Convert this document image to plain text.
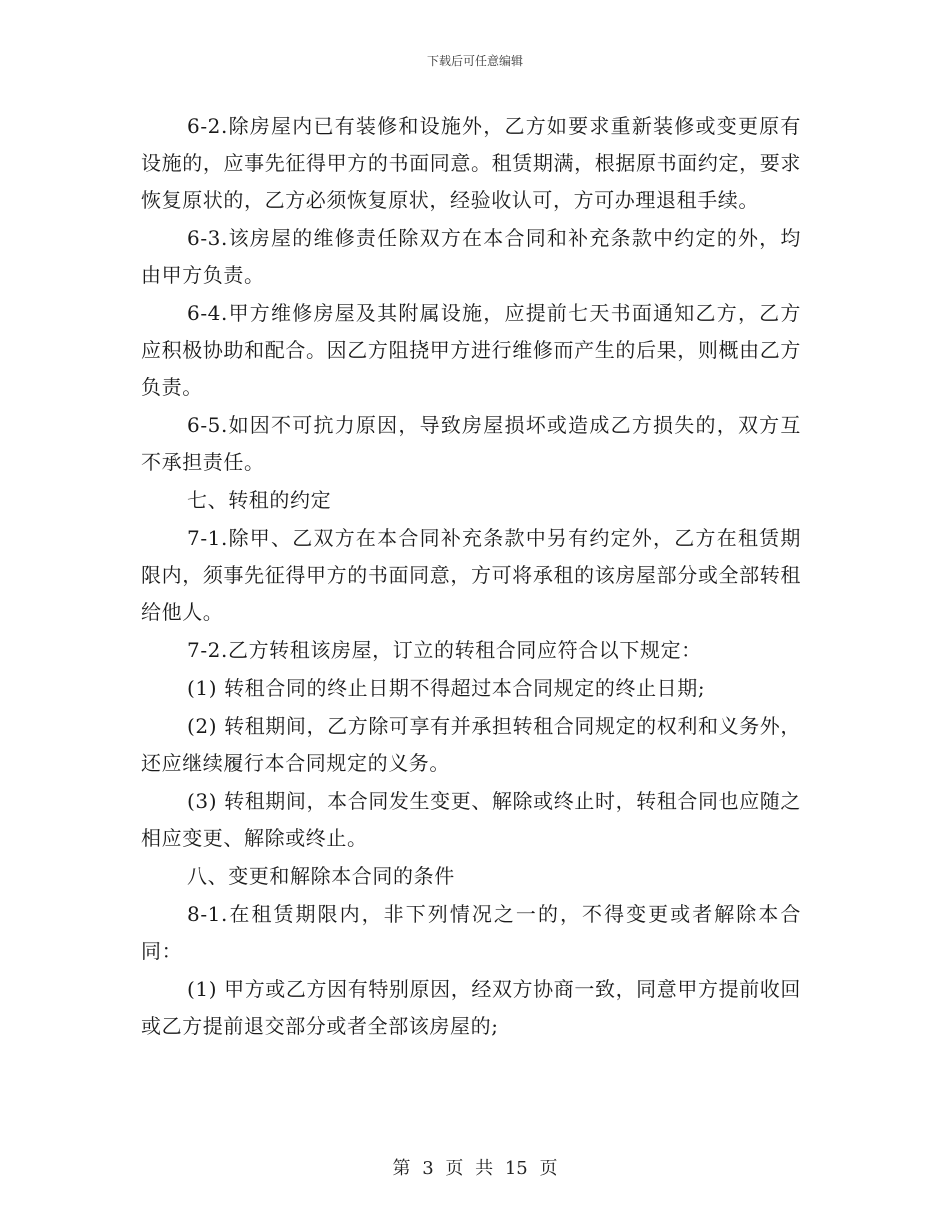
下载后可任意编辑

6-2.除房屋内已有装修和设施外，乙方如要求重新装修或变更原有设施的，应事先征得甲方的书面同意。租赁期满，根据原书面约定，要求恢复原状的，乙方必须恢复原状，经验收认可，方可办理退租手续。

6-3.该房屋的维修责任除双方在本合同和补充条款中约定的外，均由甲方负责。

6-4.甲方维修房屋及其附属设施，应提前七天书面通知乙方，乙方应积极协助和配合。因乙方阻挠甲方进行维修而产生的后果，则概由乙方负责。

6-5.如因不可抗力原因，导致房屋损坏或造成乙方损失的，双方互不承担责任。

七、转租的约定

7-1.除甲、乙双方在本合同补充条款中另有约定外，乙方在租赁期限内，须事先征得甲方的书面同意，方可将承租的该房屋部分或全部转租给他人。

7-2.乙方转租该房屋，订立的转租合同应符合以下规定：

(1) 转租合同的终止日期不得超过本合同规定的终止日期;

(2) 转租期间，乙方除可享有并承担转租合同规定的权利和义务外，还应继续履行本合同规定的义务。

(3) 转租期间，本合同发生变更、解除或终止时，转租合同也应随之相应变更、解除或终止。

八、变更和解除本合同的条件

8-1.在租赁期限内，非下列情况之一的，不得变更或者解除本合同：

(1) 甲方或乙方因有特别原因，经双方协商一致，同意甲方提前收回或乙方提前退交部分或者全部该房屋的;

第 3 页 共 15 页
